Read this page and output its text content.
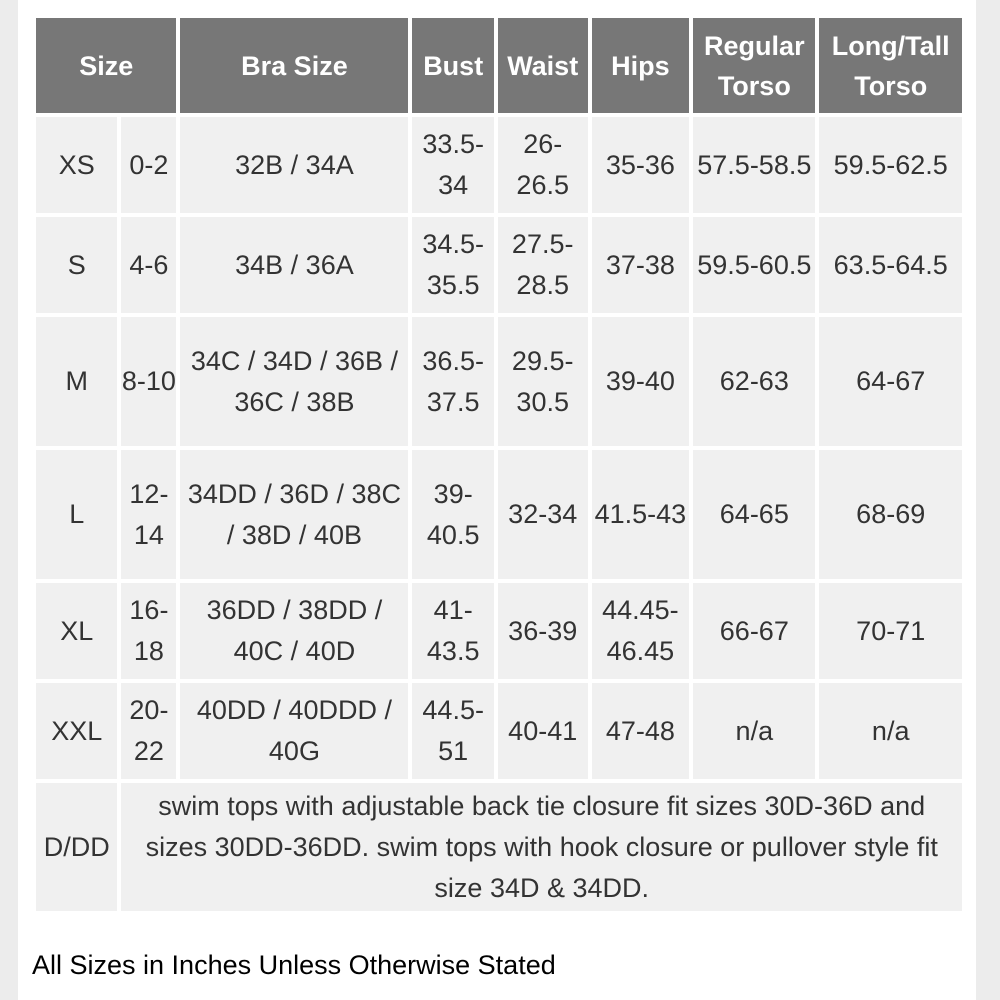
Size		Bra Size	Bust	Waist	Hips	Regular Torso	Long/Tall Torso
XS	0-2	32B / 34A	33.5-34	26-26.5	35-36	57.5-58.5	59.5-62.5
S	4-6	34B / 36A	34.5-35.5	27.5-28.5	37-38	59.5-60.5	63.5-64.5
M	8-10	34C / 34D / 36B / 36C / 38B	36.5-37.5	29.5-30.5	39-40	62-63	64-67
L	12-14	34DD / 36D / 38C / 38D / 40B	39-40.5	32-34	41.5-43	64-65	68-69
XL	16-18	36DD / 38DD / 40C / 40D	41-43.5	36-39	44.45-46.45	66-67	70-71
XXL	20-22	40DD / 40DDD / 40G	44.5-51	40-41	47-48	n/a	n/a
D/DD	swim tops with adjustable back tie closure fit sizes 30D-36D and sizes 30DD-36DD. swim tops with hook closure or pullover style fit size 34D & 34DD.						
All Sizes in Inches Unless Otherwise Stated
